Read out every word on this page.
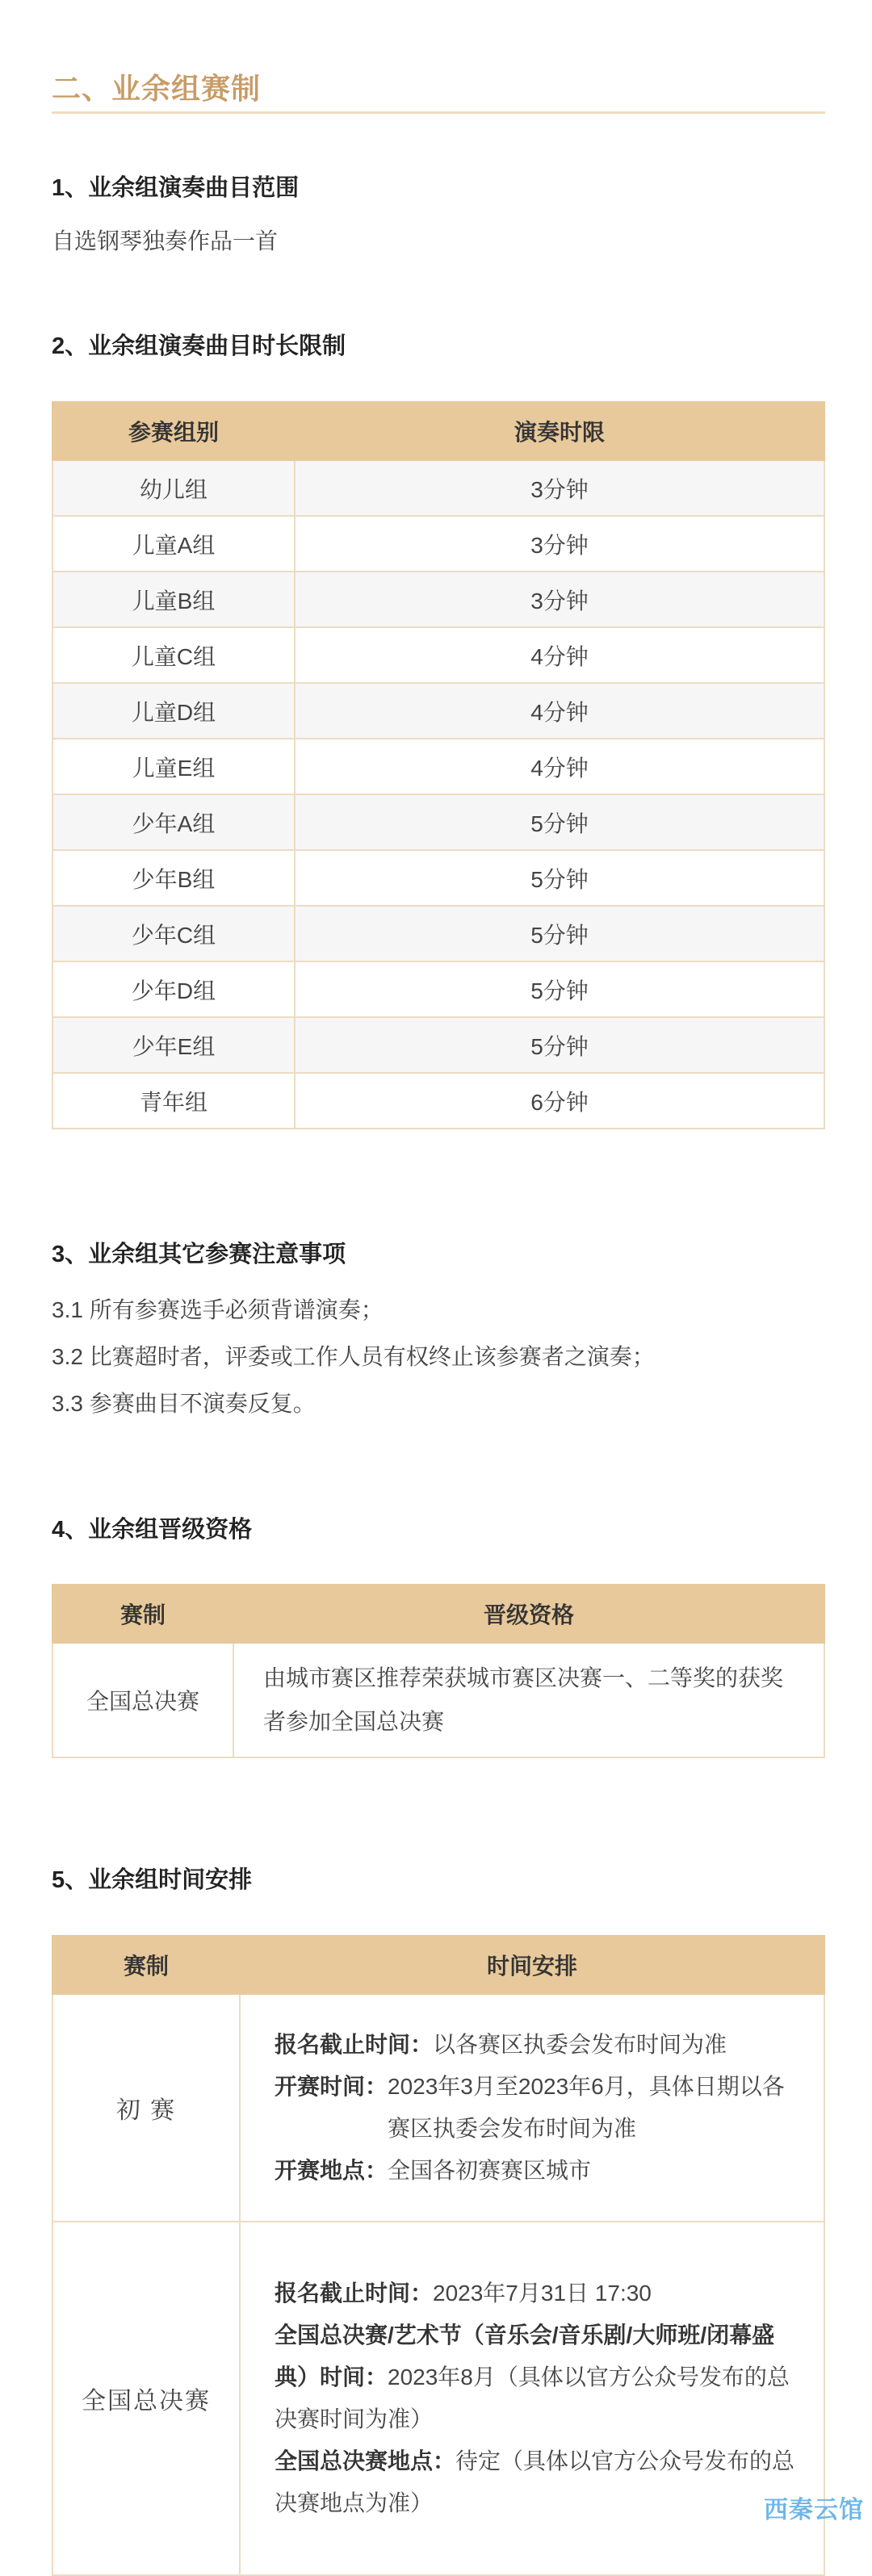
二、业余组赛制
1、业余组演奏曲目范围
自选钢琴独奏作品一首
2、业余组演奏曲目时长限制
参赛组别	演奏时限
幼儿组	3分钟
儿童A组	3分钟
儿童B组	3分钟
儿童C组	4分钟
儿童D组	4分钟
儿童E组	4分钟
少年A组	5分钟
少年B组	5分钟
少年C组	5分钟
少年D组	5分钟
少年E组	5分钟
青年组	6分钟
3、业余组其它参赛注意事项
3.1 所有参赛选手必须背谱演奏；
3.2 比赛超时者，评委或工作人员有权终止该参赛者之演奏；
3.3 参赛曲目不演奏反复。
4、业余组晋级资格
赛制	晋级资格
全国总决赛	由城市赛区推荐荣获城市赛区决赛一、二等奖的获奖者参加全国总决赛
5、业余组时间安排
赛制	时间安排
初 赛	报名截止时间：以各赛区执委会发布时间为准
开赛时间： 2023年3月至2023年6月，具体日期以各赛区执委会发布时间为准
开赛地点：全国各初赛赛区城市

全国总决赛	报名截止时间：2023年7月31日 17:30
全国总决赛/艺术节（音乐会/音乐剧/大师班/闭幕盛典）时间：2023年8月（具体以官方公众号发布的总决赛时间为准）
全国总决赛地点：待定（具体以官方公众号发布的总决赛地点为准）	西秦云馆
